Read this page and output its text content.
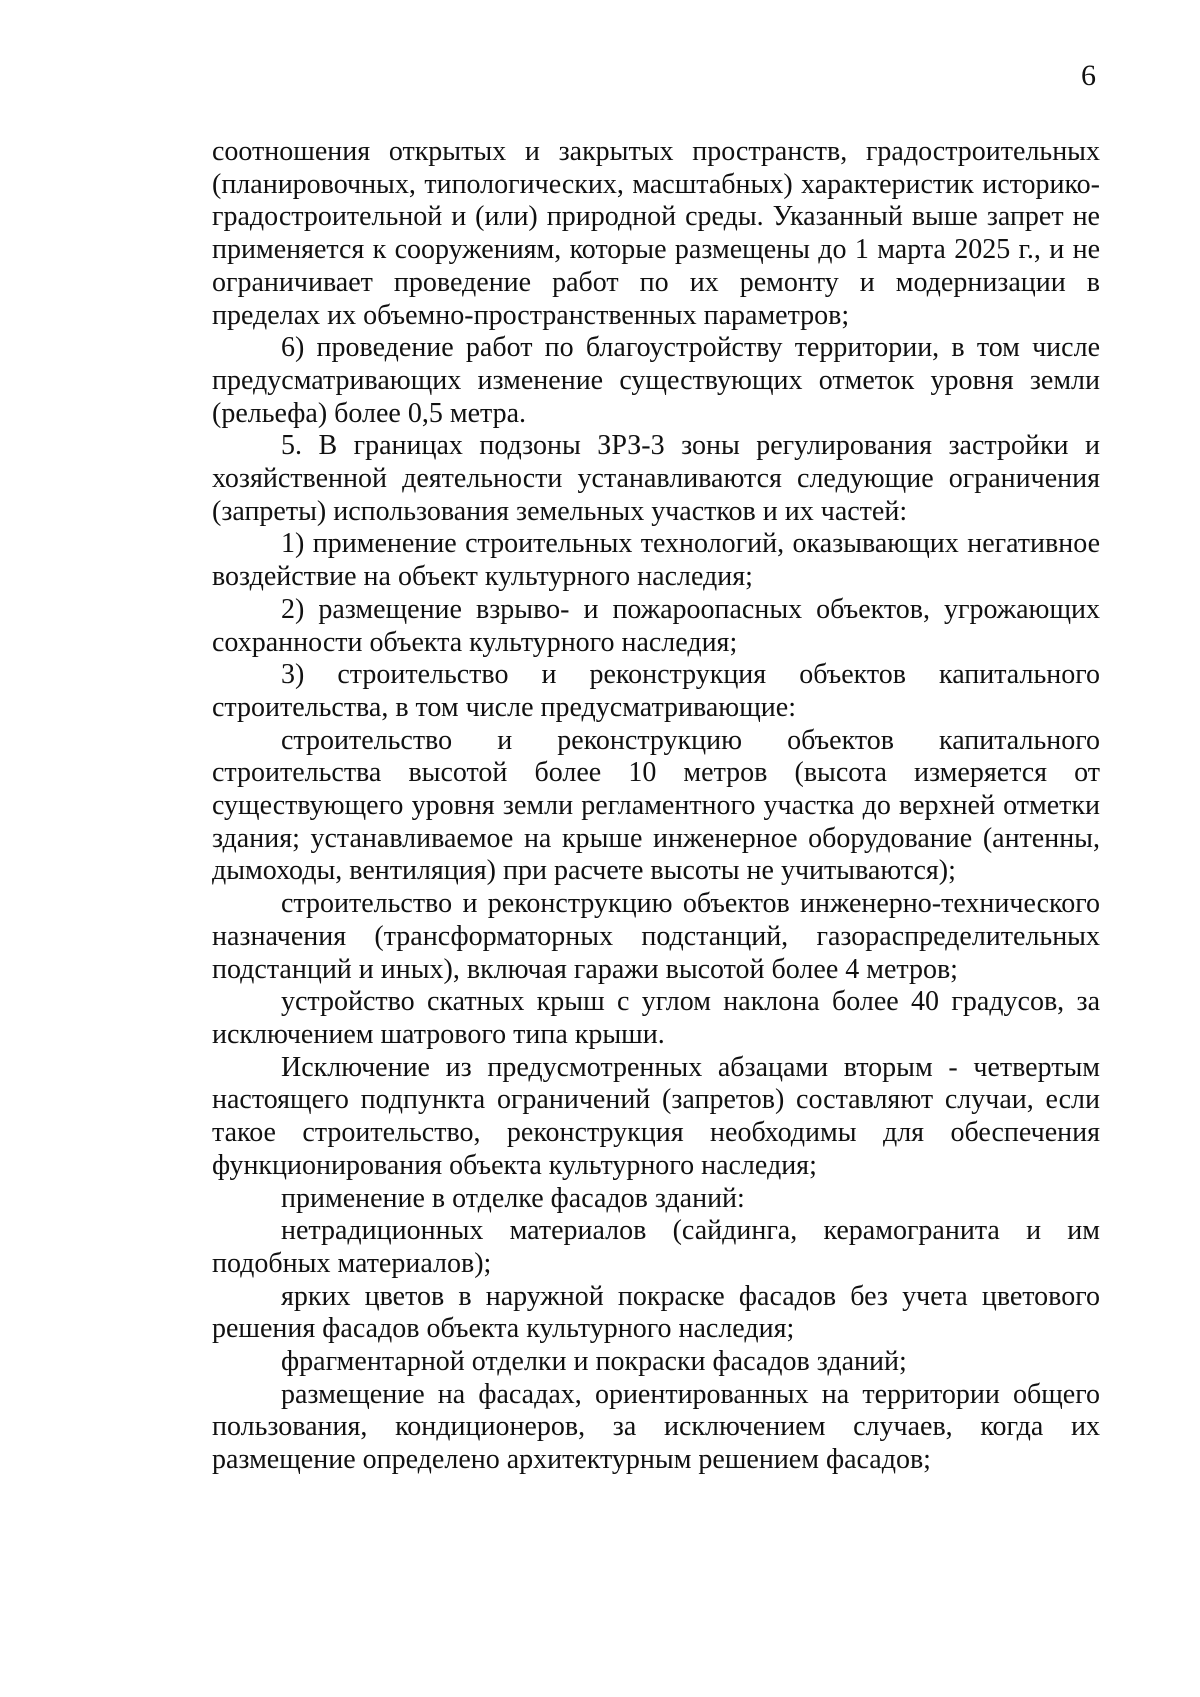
6

соотношения открытых и закрытых пространств, градостроительных (планировочных, типологических, масштабных) характеристик историко-градостроительной и (или) природной среды. Указанный выше запрет не применяется к сооружениям, которые размещены до 1 марта 2025 г., и не ограничивает проведение работ по их ремонту и модернизации в пределах их объемно-пространственных параметров;

6) проведение работ по благоустройству территории, в том числе предусматривающих изменение существующих отметок уровня земли (рельефа) более 0,5 метра.

5. В границах подзоны ЗРЗ-3 зоны регулирования застройки и хозяйственной деятельности устанавливаются следующие ограничения (запреты) использования земельных участков и их частей:

1) применение строительных технологий, оказывающих негативное воздействие на объект культурного наследия;

2) размещение взрыво- и пожароопасных объектов, угрожающих сохранности объекта культурного наследия;

3) строительство и реконструкция объектов капитального строительства, в том числе предусматривающие:

строительство и реконструкцию объектов капитального строительства высотой более 10 метров (высота измеряется от существующего уровня земли регламентного участка до верхней отметки здания; устанавливаемое на крыше инженерное оборудование (антенны, дымоходы, вентиляция) при расчете высоты не учитываются);

строительство и реконструкцию объектов инженерно-технического назначения (трансформаторных подстанций, газораспределительных подстанций и иных), включая гаражи высотой более 4 метров;

устройство скатных крыш с углом наклона более 40 градусов, за исключением шатрового типа крыши.

Исключение из предусмотренных абзацами вторым - четвертым настоящего подпункта ограничений (запретов) составляют случаи, если такое строительство, реконструкция необходимы для обеспечения функционирования объекта культурного наследия;

применение в отделке фасадов зданий:

нетрадиционных материалов (сайдинга, керамогранита и им подобных материалов);

ярких цветов в наружной покраске фасадов без учета цветового решения фасадов объекта культурного наследия;

фрагментарной отделки и покраски фасадов зданий;

размещение на фасадах, ориентированных на территории общего пользования, кондиционеров, за исключением случаев, когда их размещение определено архитектурным решением фасадов;
